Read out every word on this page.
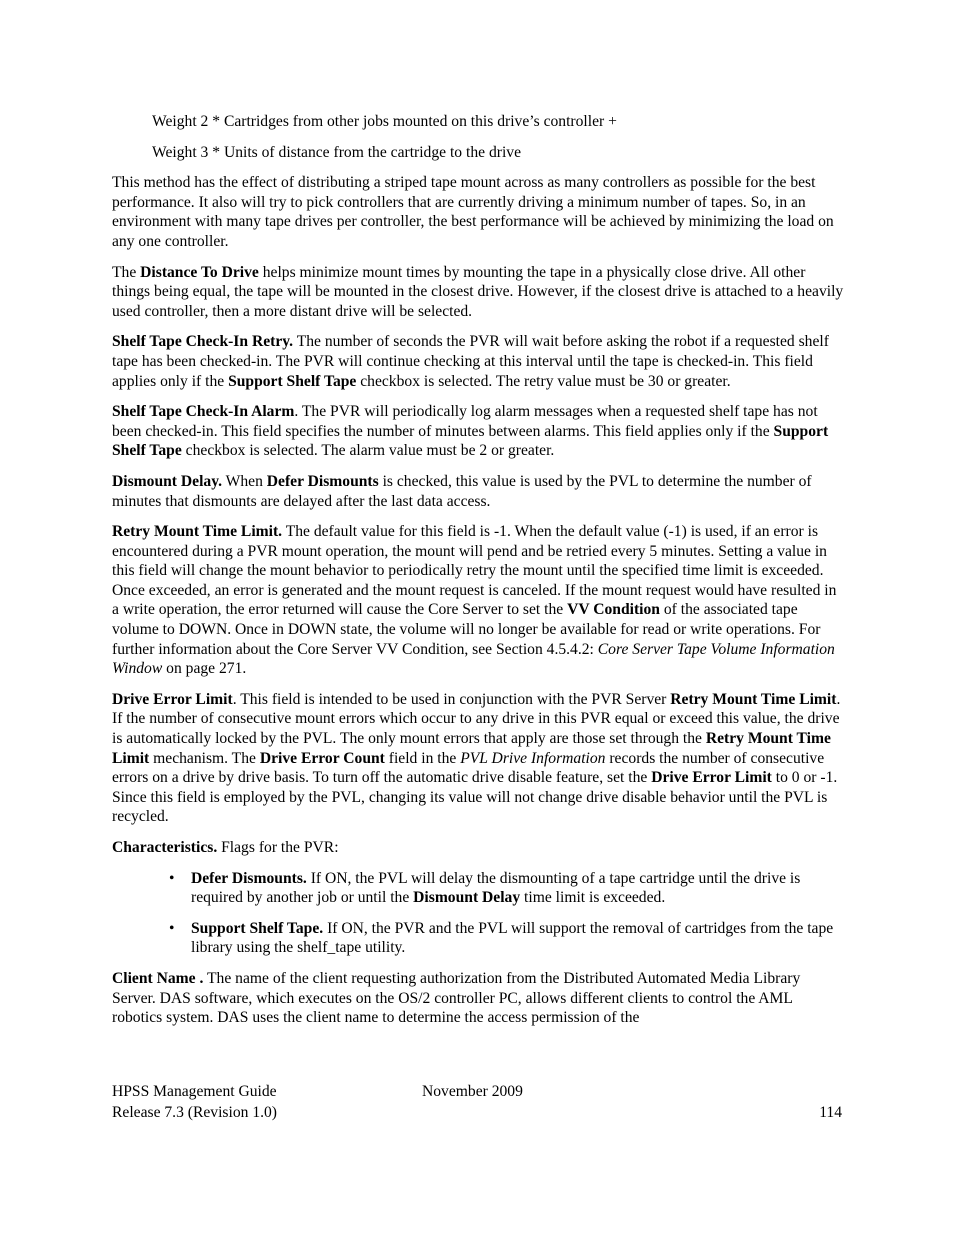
Weight 2 * Cartridges from other jobs mounted on this drive’s controller +

Weight 3 * Units of distance from the cartridge to the drive

This method has the effect of distributing a striped tape mount across as many controllers as possible for the best performance. It also will try to pick controllers that are currently driving a minimum number of tapes. So, in an environment with many tape drives per controller, the best performance will be achieved by minimizing the load on any one controller.

The Distance To Drive helps minimize mount times by mounting the tape in a physically close drive. All other things being equal, the tape will be mounted in the closest drive. However, if the closest drive is attached to a heavily used controller, then a more distant drive will be selected.

Shelf Tape Check-In Retry. The number of seconds the PVR will wait before asking the robot if a requested shelf tape has been checked-in. The PVR will continue checking at this interval until the tape is checked-in. This field applies only if the Support Shelf Tape checkbox is selected. The retry value must be 30 or greater.

Shelf Tape Check-In Alarm. The PVR will periodically log alarm messages when a requested shelf tape has not been checked-in. This field specifies the number of minutes between alarms. This field applies only if the Support Shelf Tape checkbox is selected. The alarm value must be 2 or greater.

Dismount Delay. When Defer Dismounts is checked, this value is used by the PVL to determine the number of minutes that dismounts are delayed after the last data access.

Retry Mount Time Limit. The default value for this field is -1. When the default value (-1) is used, if an error is encountered during a PVR mount operation, the mount will pend and be retried every 5 minutes. Setting a value in this field will change the mount behavior to periodically retry the mount until the specified time limit is exceeded. Once exceeded, an error is generated and the mount request is canceled. If the mount request would have resulted in a write operation, the error returned will cause the Core Server to set the VV Condition of the associated tape volume to DOWN. Once in DOWN state, the volume will no longer be available for read or write operations. For further information about the Core Server VV Condition, see Section 4.5.4.2: Core Server Tape Volume Information Window on page 271.

Drive Error Limit. This field is intended to be used in conjunction with the PVR Server Retry Mount Time Limit. If the number of consecutive mount errors which occur to any drive in this PVR equal or exceed this value, the drive is automatically locked by the PVL. The only mount errors that apply are those set through the Retry Mount Time Limit mechanism. The Drive Error Count field in the PVL Drive Information records the number of consecutive errors on a drive by drive basis. To turn off the automatic drive disable feature, set the Drive Error Limit to 0 or -1. Since this field is employed by the PVL, changing its value will not change drive disable behavior until the PVL is recycled.

Characteristics. Flags for the PVR:

• Defer Dismounts. If ON, the PVL will delay the dismounting of a tape cartridge until the drive is required by another job or until the Dismount Delay time limit is exceeded.
• Support Shelf Tape. If ON, the PVR and the PVL will support the removal of cartridges from the tape library using the shelf_tape utility.

Client Name . The name of the client requesting authorization from the Distributed Automated Media Library Server. DAS software, which executes on the OS/2 controller PC, allows different clients to control the AML robotics system. DAS uses the client name to determine the access permission of the

HPSS Management Guide	November 2009
Release 7.3 (Revision 1.0)	114
